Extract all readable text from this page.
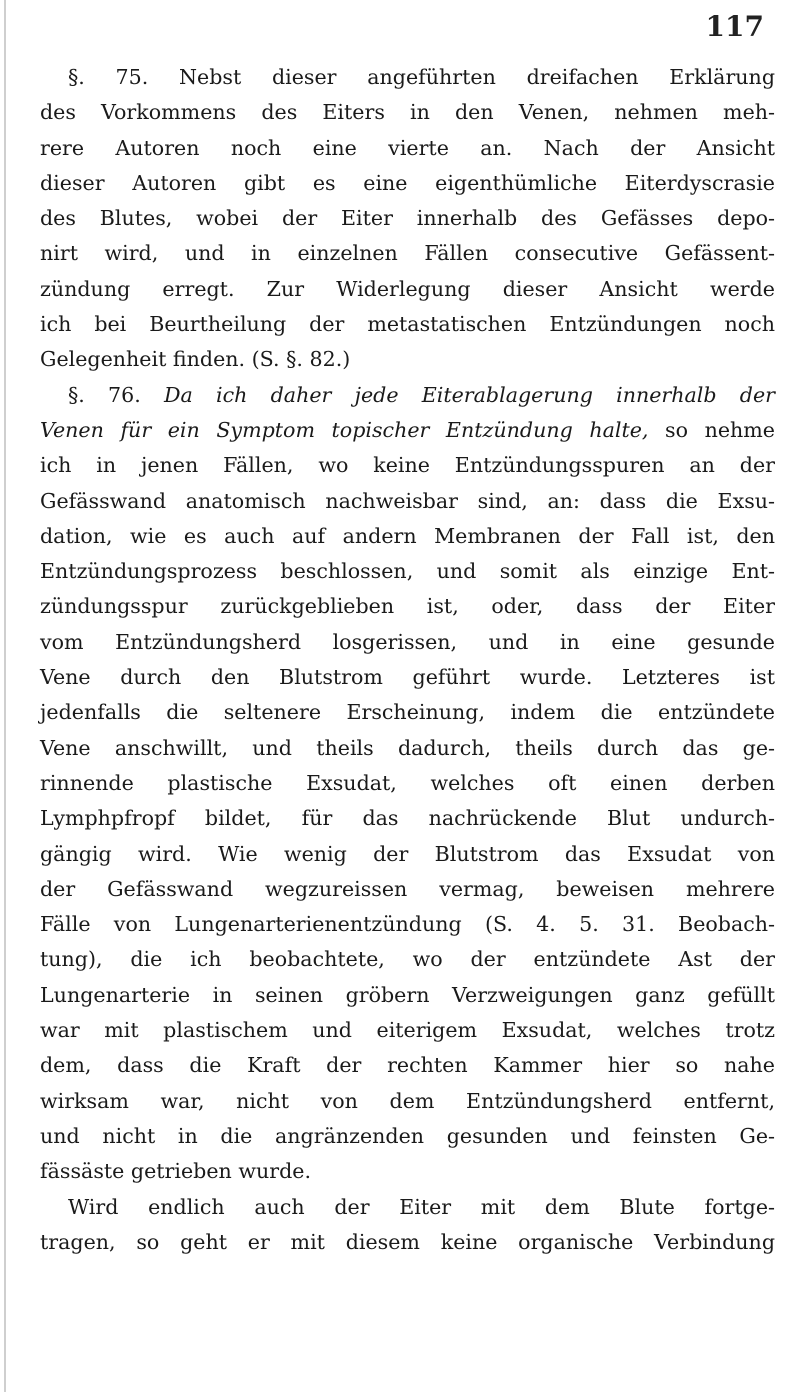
117
§. 75. Nebst dieser angeführten dreifachen Erklärung
des Vorkommens des Eiters in den Venen, nehmen meh-
rere Autoren noch eine vierte an. Nach der Ansicht
dieser Autoren gibt es eine eigenthümliche Eiterdyscrasie
des Blutes, wobei der Eiter innerhalb des Gefässes depo-
nirt wird, und in einzelnen Fällen consecutive Gefässent-
zündung erregt. Zur Widerlegung dieser Ansicht werde
ich bei Beurtheilung der metastatischen Entzündungen noch
Gelegenheit finden. (S. §. 82.)
§. 76. Da ich daher jede Eiterablagerung innerhalb der
Venen für ein Symptom topischer Entzündung halte, so nehme
ich in jenen Fällen, wo keine Entzündungsspuren an der
Gefässwand anatomisch nachweisbar sind, an: dass die Exsu-
dation, wie es auch auf andern Membranen der Fall ist, den
Entzündungsprozess beschlossen, und somit als einzige Ent-
zündungsspur zurückgeblieben ist, oder, dass der Eiter
vom Entzündungsherd losgerissen, und in eine gesunde
Vene durch den Blutstrom geführt wurde. Letzteres ist
jedenfalls die seltenere Erscheinung, indem die entzündete
Vene anschwillt, und theils dadurch, theils durch das ge-
rinnende plastische Exsudat, welches oft einen derben
Lymphpfropf bildet, für das nachrückende Blut undurch-
gängig wird. Wie wenig der Blutstrom das Exsudat von
der Gefässwand wegzureissen vermag, beweisen mehrere
Fälle von Lungenarterienentzündung (S. 4. 5. 31. Beobach-
tung), die ich beobachtete, wo der entzündete Ast der
Lungenarterie in seinen gröbern Verzweigungen ganz gefüllt
war mit plastischem und eiterigem Exsudat, welches trotz
dem, dass die Kraft der rechten Kammer hier so nahe
wirksam war, nicht von dem Entzündungsherd entfernt,
und nicht in die angränzenden gesunden und feinsten Ge-
fässäste getrieben wurde.
Wird endlich auch der Eiter mit dem Blute fortge-
tragen, so geht er mit diesem keine organische Verbindung
